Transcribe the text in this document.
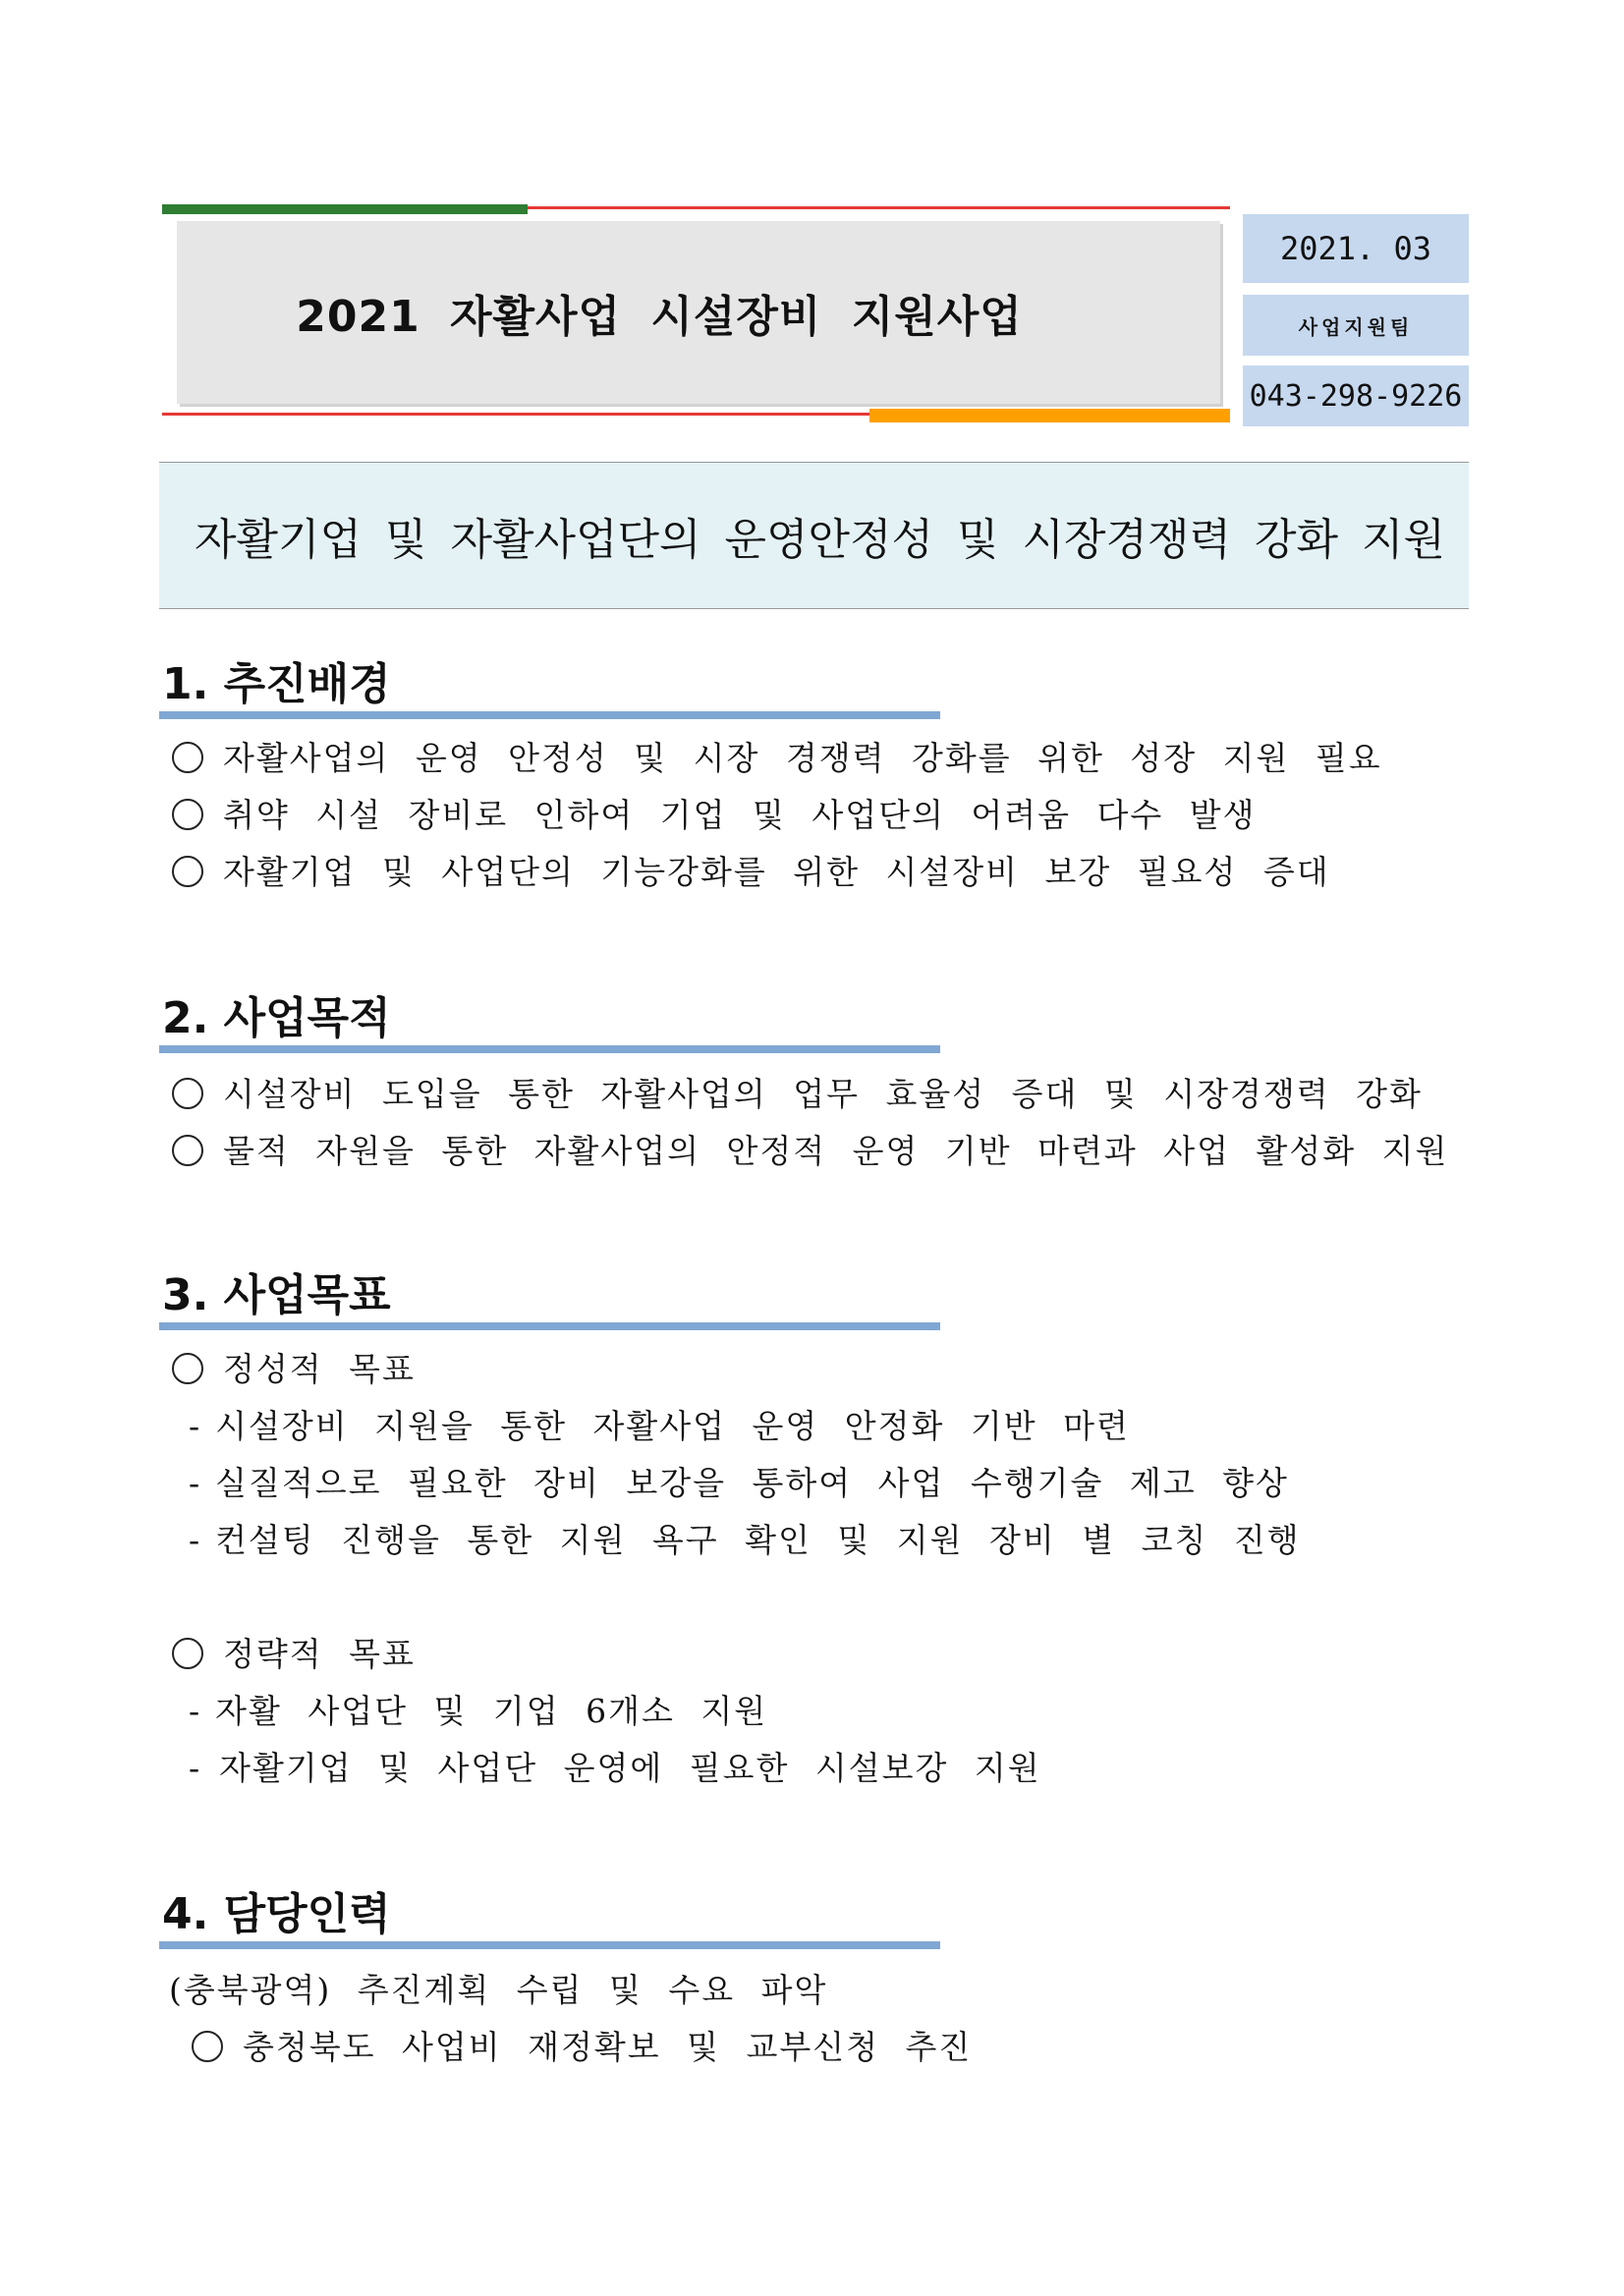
2021 자활사업 시설장비 지원사업
2021. 03
사업지원팀
043-298-9226
자활기업 및 자활사업단의 운영안정성 및 시장경쟁력 강화 지원
1. 추진배경
자활사업의 운영 안정성 및 시장 경쟁력 강화를 위한 성장 지원 필요
취약 시설 장비로 인하여 기업 및 사업단의 어려움 다수 발생
자활기업 및 사업단의 기능강화를 위한 시설장비 보강 필요성 증대
2. 사업목적
시설장비 도입을 통한 자활사업의 업무 효율성 증대 및 시장경쟁력 강화
물적 자원을 통한 자활사업의 안정적 운영 기반 마련과 사업 활성화 지원
3. 사업목표
정성적 목표
- 시설장비 지원을 통한 자활사업 운영 안정화 기반 마련
- 실질적으로 필요한 장비 보강을 통하여 사업 수행기술 제고 향상
- 컨설팅 진행을 통한 지원 욕구 확인 및 지원 장비 별 코칭 진행
정략적 목표
- 자활 사업단 및 기업 6개소 지원
- 자활기업 및 사업단 운영에 필요한 시설보강 지원
4. 담당인력
(충북광역) 추진계획 수립 및 수요 파악
충청북도 사업비 재정확보 및 교부신청 추진
